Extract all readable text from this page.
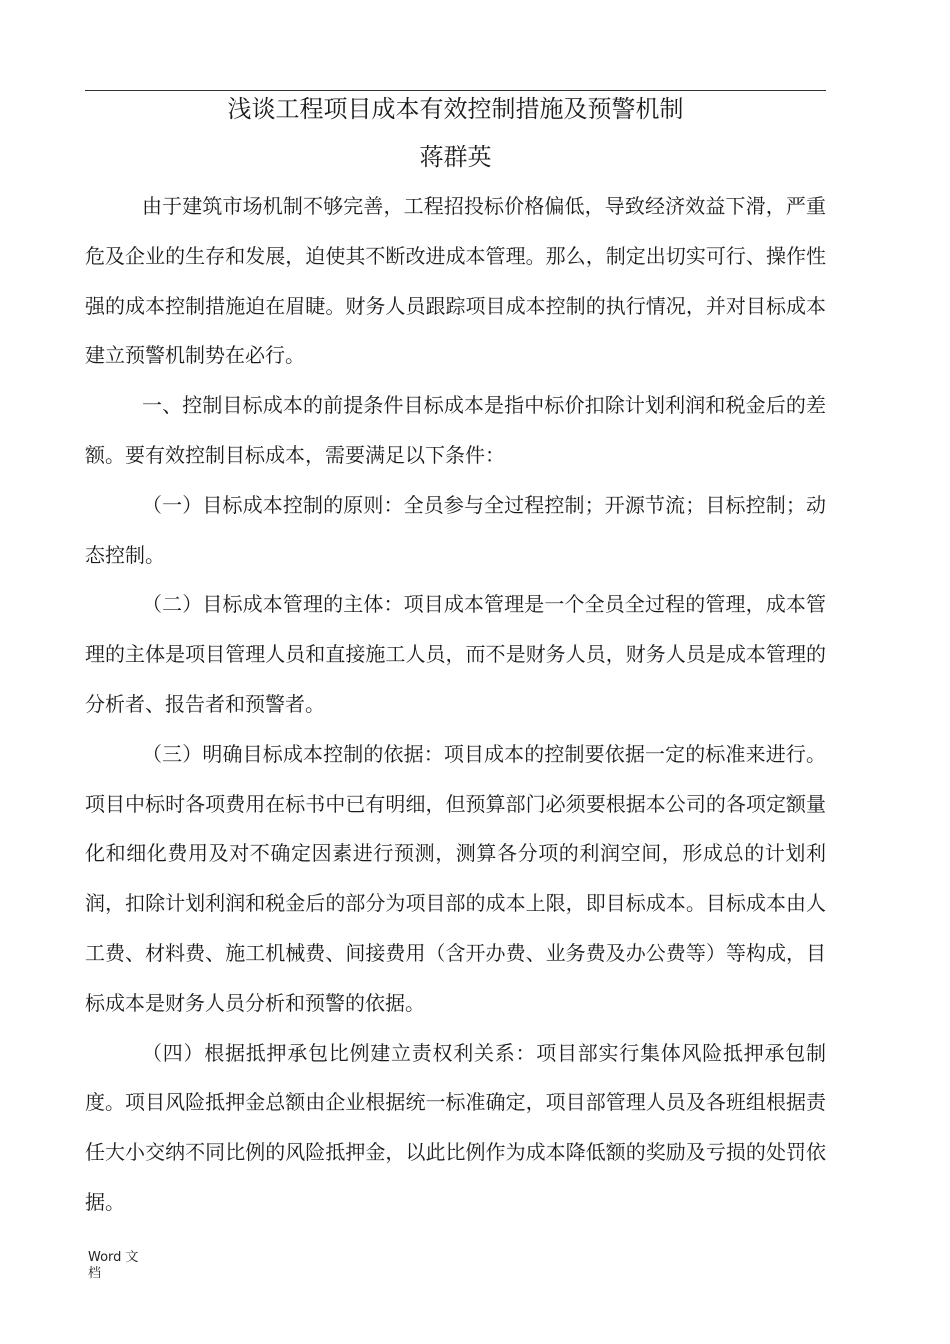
浅谈工程项目成本有效控制措施及预警机制
蒋群英

由于建筑市场机制不够完善，工程招投标价格偏低，导致经济效益下滑，严重危及企业的生存和发展，迫使其不断改进成本管理。那么，制定出切实可行、操作性强的成本控制措施迫在眉睫。财务人员跟踪项目成本控制的执行情况，并对目标成本建立预警机制势在必行。

一、控制目标成本的前提条件目标成本是指中标价扣除计划利润和税金后的差额。要有效控制目标成本，需要满足以下条件：

（一）目标成本控制的原则：全员参与全过程控制；开源节流；目标控制；动态控制。

（二）目标成本管理的主体：项目成本管理是一个全员全过程的管理，成本管理的主体是项目管理人员和直接施工人员，而不是财务人员，财务人员是成本管理的分析者、报告者和预警者。

（三）明确目标成本控制的依据：项目成本的控制要依据一定的标准来进行。项目中标时各项费用在标书中已有明细，但预算部门必须要根据本公司的各项定额量化和细化费用及对不确定因素进行预测，测算各分项的利润空间，形成总的计划利润，扣除计划利润和税金后的部分为项目部的成本上限，即目标成本。目标成本由人工费、材料费、施工机械费、间接费用（含开办费、业务费及办公费等）等构成，目标成本是财务人员分析和预警的依据。

（四）根据抵押承包比例建立责权利关系：项目部实行集体风险抵押承包制度。项目风险抵押金总额由企业根据统一标准确定，项目部管理人员及各班组根据责任大小交纳不同比例的风险抵押金，以此比例作为成本降低额的奖励及亏损的处罚依据。

Word 文档
